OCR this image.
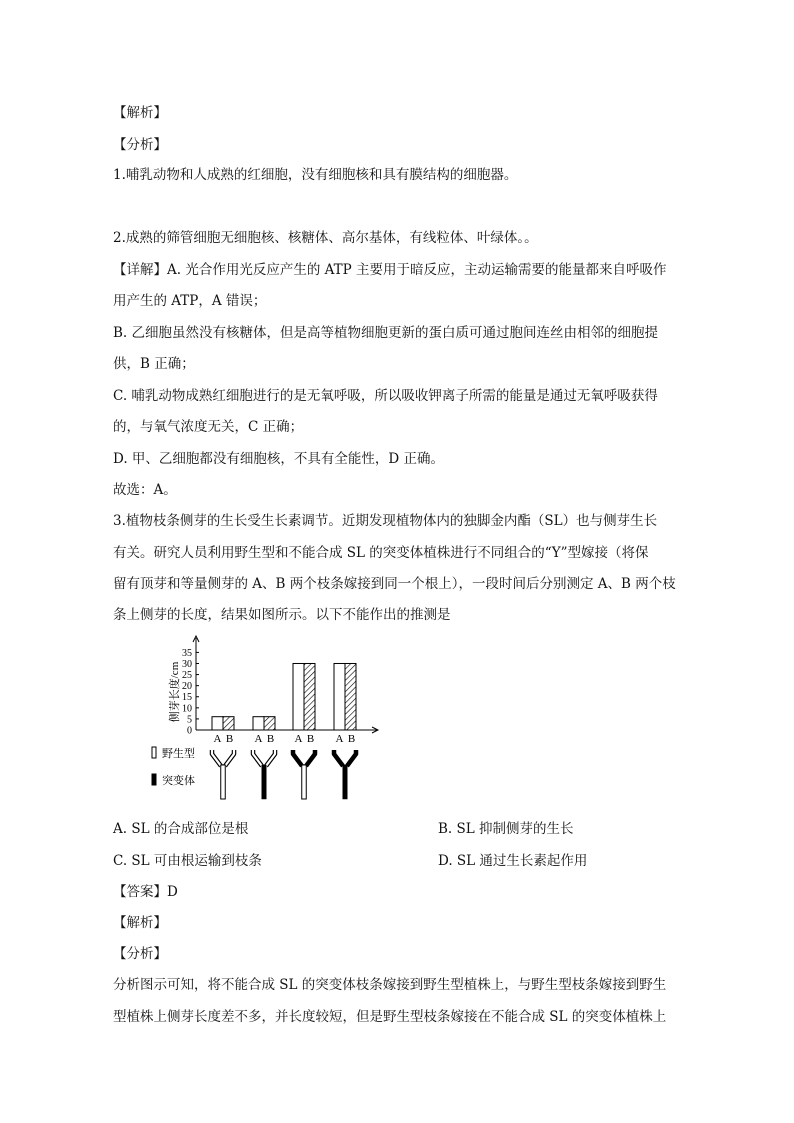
【解析】
【分析】
1.哺乳动物和人成熟的红细胞，没有细胞核和具有膜结构的细胞器。
2.成熟的筛管细胞无细胞核、核糖体、高尔基体，有线粒体、叶绿体。。
【详解】A. 光合作用光反应产生的 ATP 主要用于暗反应，主动运输需要的能量都来自呼吸作
用产生的 ATP，A 错误；
B. 乙细胞虽然没有核糖体，但是高等植物细胞更新的蛋白质可通过胞间连丝由相邻的细胞提
供，B 正确；
C. 哺乳动物成熟红细胞进行的是无氧呼吸，所以吸收钾离子所需的能量是通过无氧呼吸获得
的，与氧气浓度无关，C 正确；
D. 甲、乙细胞都没有细胞核，不具有全能性，D 正确。
故选：A。
3.植物枝条侧芽的生长受生长素调节。近期发现植物体内的独脚金内酯（SL）也与侧芽生长
有关。研究人员利用野生型和不能合成 SL 的突变体植株进行不同组合的“Y”型嫁接（将保
留有顶芽和等量侧芽的 A、B 两个枝条嫁接到同一个根上），一段时间后分别测定 A、B 两个枝
条上侧芽的长度，结果如图所示。以下不能作出的推测是
侧芽长度/cm
0
5
10
15
20
25
30
35
A B A B A B A B
野生型
突变体
A. SL 的合成部位是根	B. SL 抑制侧芽的生长
C. SL 可由根运输到枝条	D. SL 通过生长素起作用
【答案】D
【解析】
【分析】
分析图示可知，将不能合成 SL 的突变体枝条嫁接到野生型植株上，与野生型枝条嫁接到野生
型植株上侧芽长度差不多，并长度较短，但是野生型枝条嫁接在不能合成 SL 的突变体植株上
